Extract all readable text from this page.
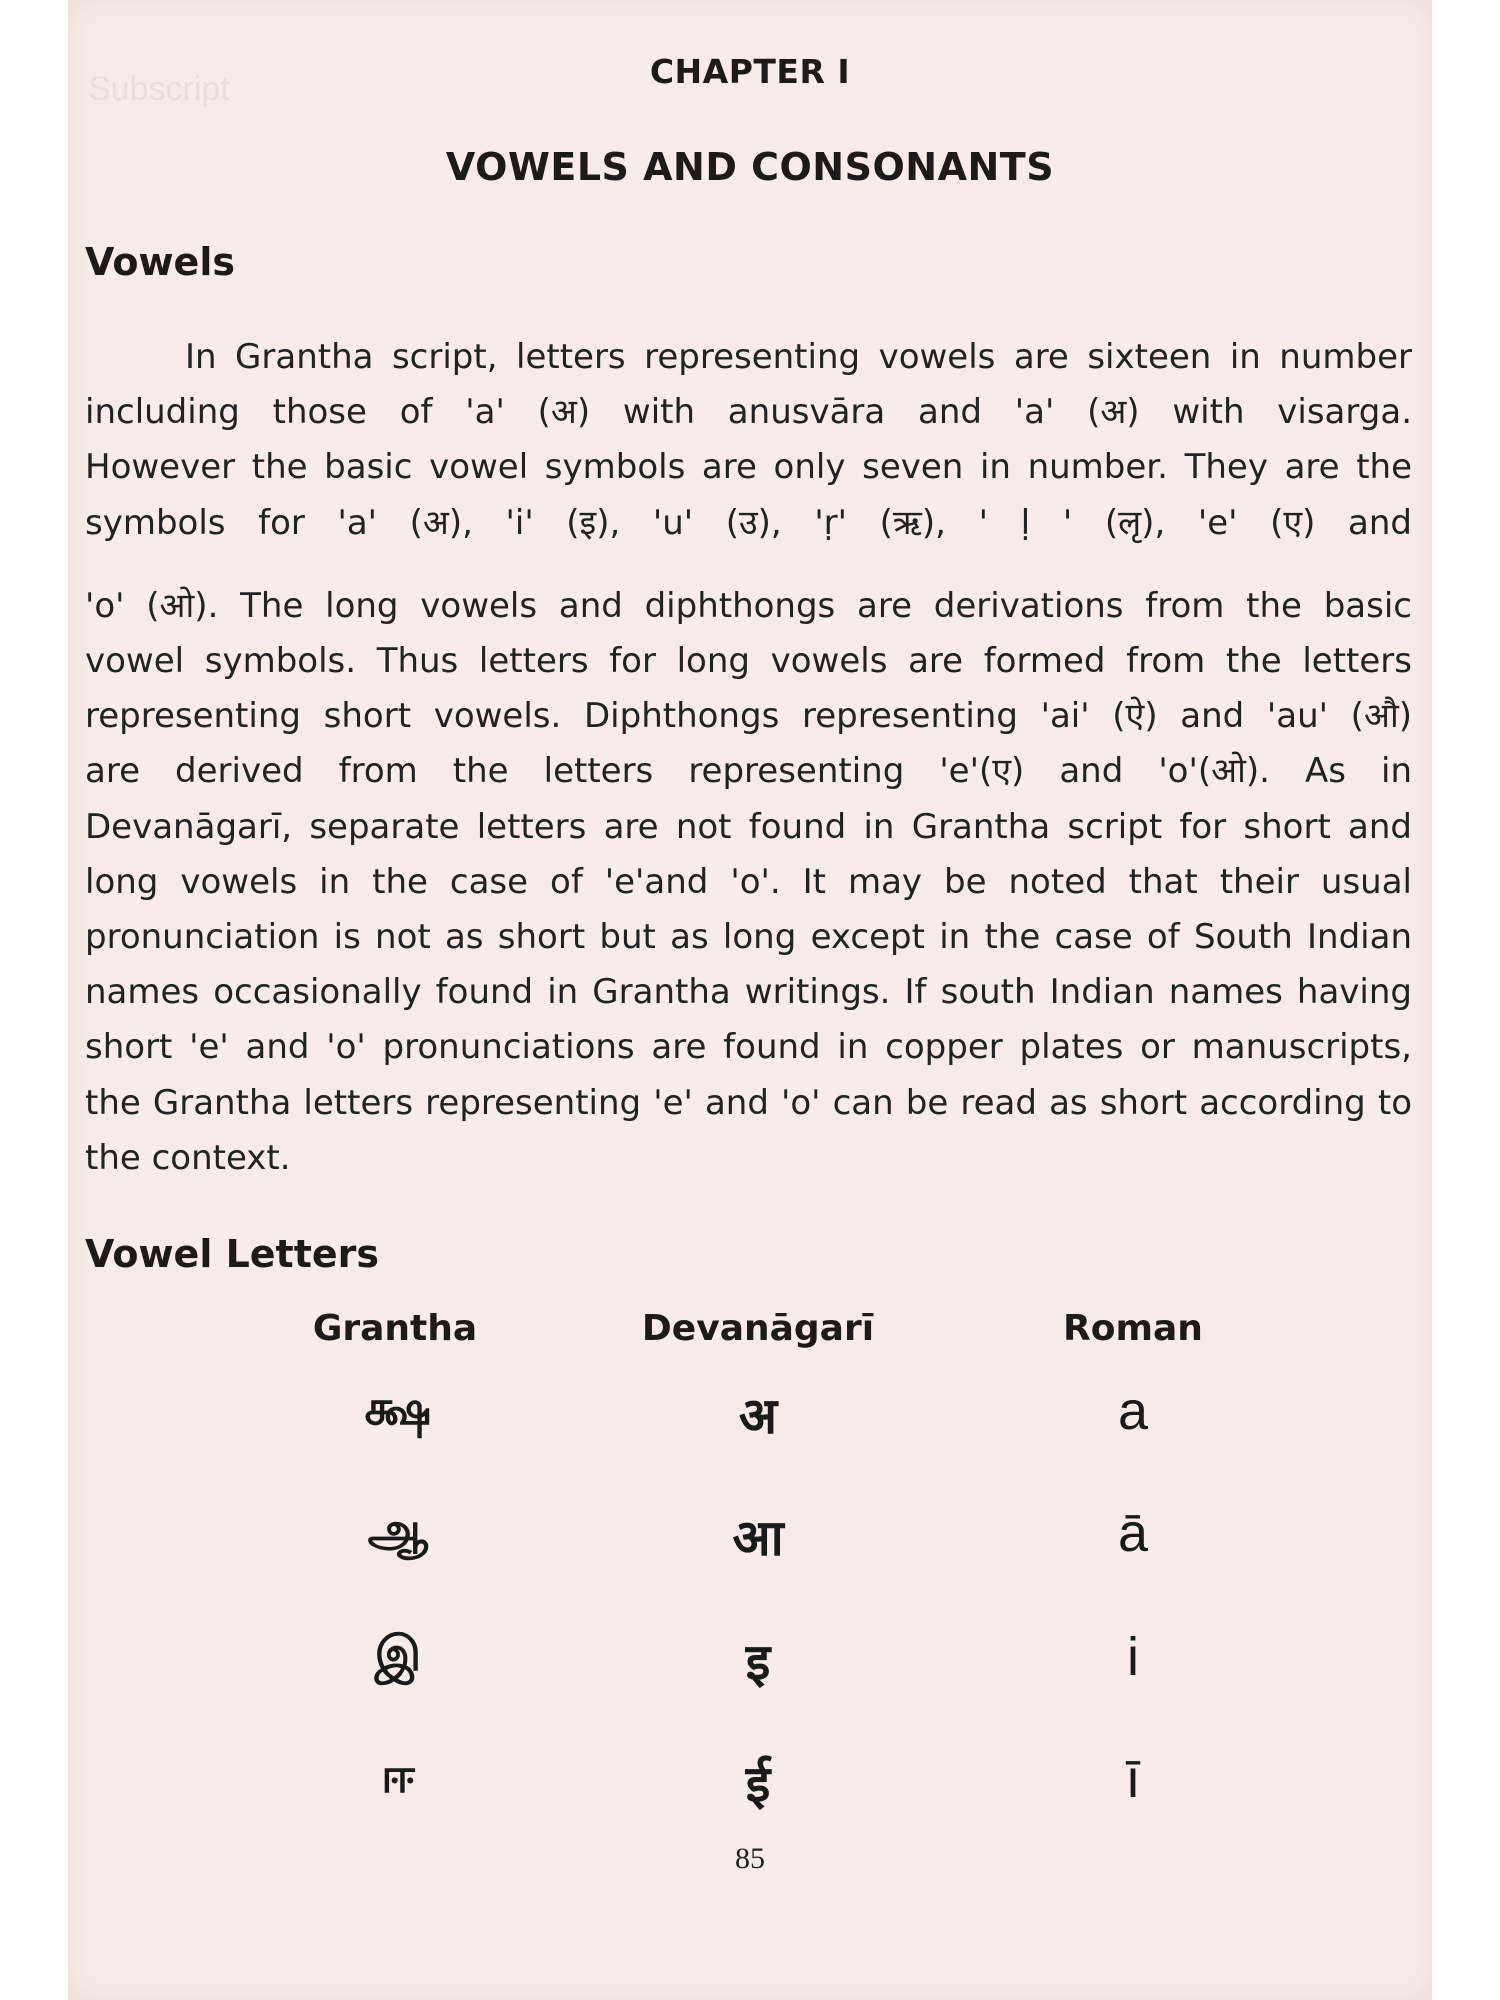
Subscript	CHAPTER I
VOWELS AND CONSONANTS
Vowels
In Grantha script, letters representing vowels are sixteen in number
including those of 'a' (अ) with anusvāra and 'a' (अ) with visarga.
However the basic vowel symbols are only seven in number. They are the
symbols for 'a' (अ), 'i' (इ), 'u' (उ), 'ṛ' (ऋ), ' ḷ ' (लृ), 'e' (ए) and
'o' (ओ). The long vowels and diphthongs are derivations from the basic
vowel symbols. Thus letters for long vowels are formed from the letters
representing short vowels. Diphthongs representing 'ai' (ऐ) and 'au' (औ)
are derived from the letters representing 'e'(ए) and 'o'(ओ). As in
Devanāgarī, separate letters are not found in Grantha script for short and
long vowels in the case of 'e'and 'o'. It may be noted that their usual
pronunciation is not as short but as long except in the case of South Indian
names occasionally found in Grantha writings. If south Indian names having
short 'e' and 'o' pronunciations are found in copper plates or manuscripts,
the Grantha letters representing 'e' and 'o' can be read as short according to
the context.
Vowel Letters
Grantha	Devanāgarī	Roman
க்ஷ	अ	a
ஆ	आ	ā
இ	इ	i
ஈ	ई	ī
85
